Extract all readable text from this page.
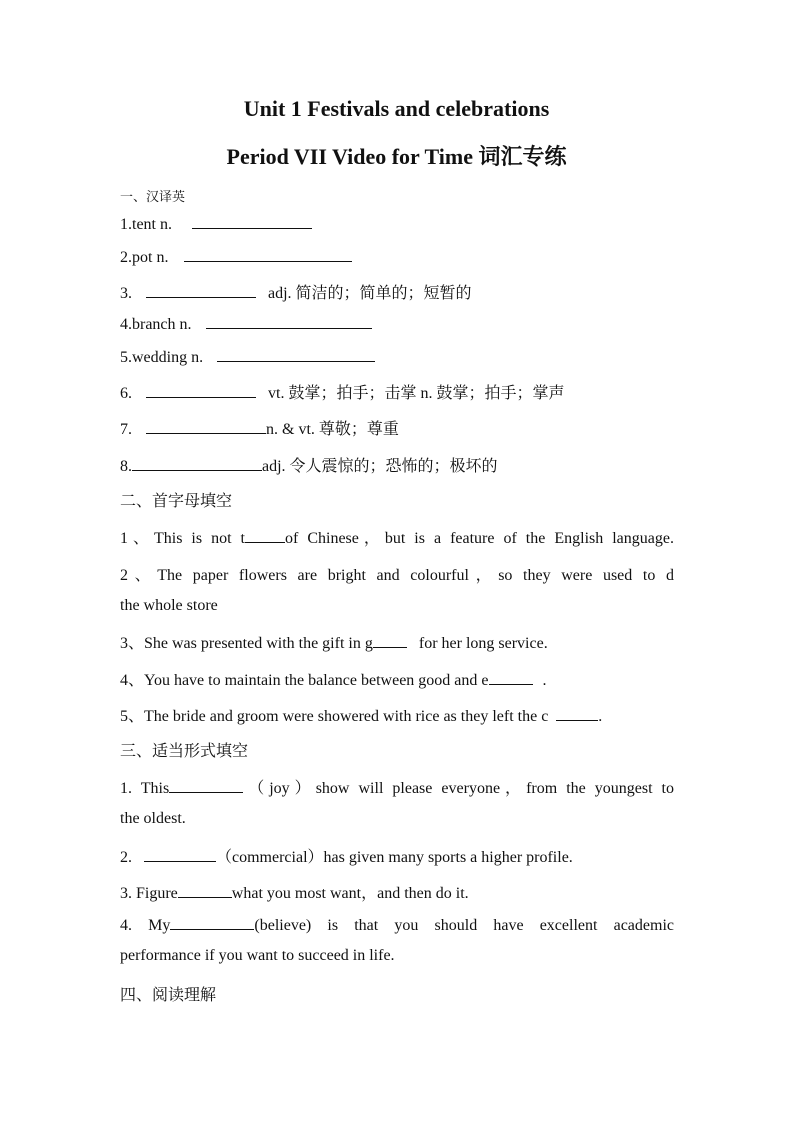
Unit 1 Festivals and celebrations
Period VII Video for Time 词汇专练
一、汉译英
1.tent n.
2.pot n.
3.	adj. 简洁的；简单的；短暂的
4.branch n.
5.wedding n.
6.	vt. 鼓掌；拍手；击掌 n. 鼓掌；拍手；掌声
7.	n. & vt. 尊敬；尊重
8.	adj. 令人震惊的；恐怖的；极坏的
二、首字母填空
1、This is not t	of Chinese，but is a feature of the English language.
2、The paper flowers are bright and colourful，so they were used to d
the whole store
3、She was presented with the gift in g	for her long service.
4、You have to maintain the balance between good and e	.
5、The bride and groom were showered with rice as they left the c	.
三、适当形式填空
1. This	（joy）show will please everyone，from the youngest to
the oldest.
2.	（commercial）has given many sports a higher profile.
3. Figure	what you most want，and then do it.
4. My	(believe) is that you should have excellent academic
performance if you want to succeed in life.
四、阅读理解
